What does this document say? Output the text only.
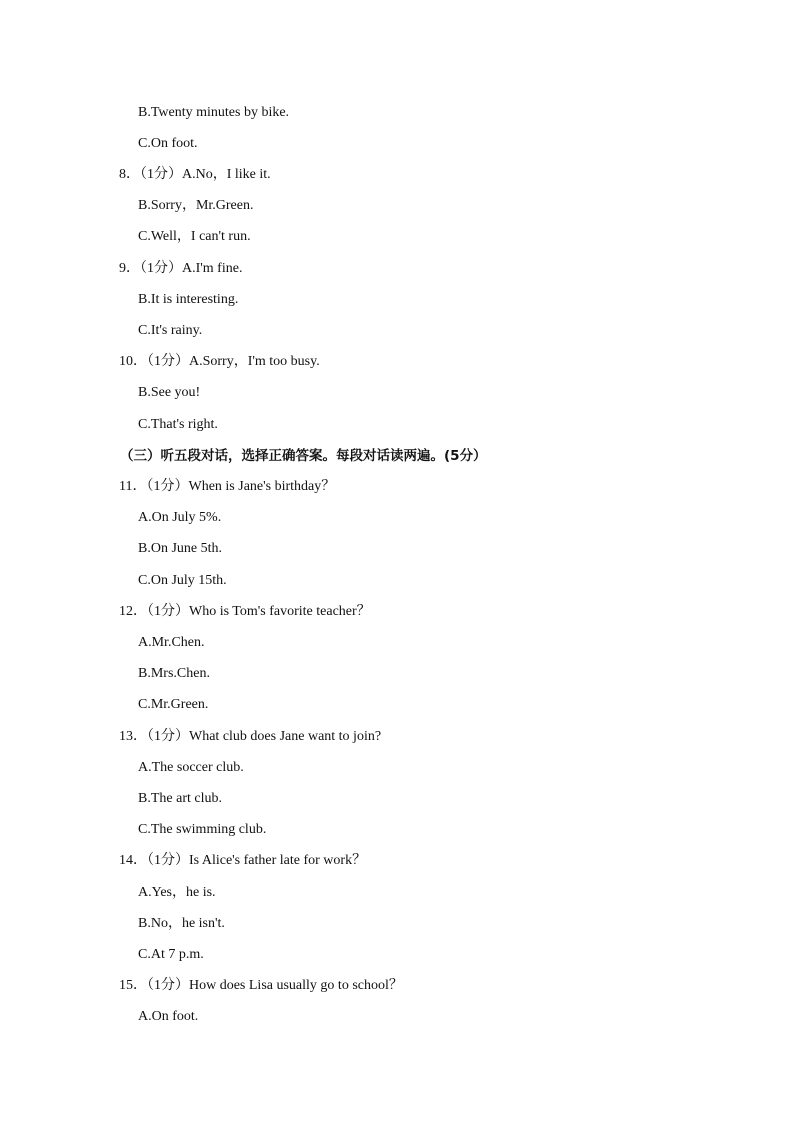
B.Twenty minutes by bike.
C.On foot.
8．（1分）A.No，I like it.
B.Sorry，Mr.Green.
C.Well，I can't run.
9．（1分）A.I'm fine.
B.It is interesting.
C.It's rainy.
10．（1分）A.Sorry，I'm too busy.
B.See you!
C.That's right.
（三）听五段对话，选择正确答案。每段对话读两遍。(5分）
11．（1分）When is Jane's birthday？
A.On July 5%.
B.On June 5th.
C.On July 15th.
12．（1分）Who is Tom's favorite teacher？
A.Mr.Chen.
B.Mrs.Chen.
C.Mr.Green.
13．（1分）What club does Jane want to join?
A.The soccer club.
B.The art club.
C.The swimming club.
14．（1分）Is Alice's father late for work？
A.Yes，he is.
B.No，he isn't.
C.At 7 p.m.
15．（1分）How does Lisa usually go to school？
A.On foot.
